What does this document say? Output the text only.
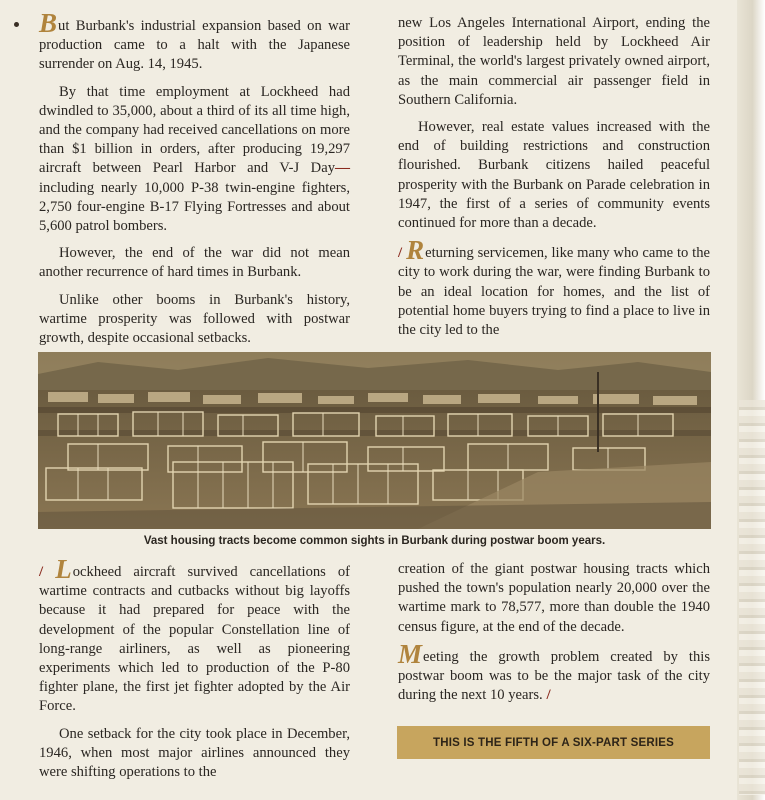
But Burbank's industrial expansion based on war production came to a halt with the Japanese surrender on Aug. 14, 1945.

By that time employment at Lockheed had dwindled to 35,000, about a third of its all time high, and the company had received cancellations on more than $1 billion in orders, after producing 19,297 aircraft between Pearl Harbor and V-J Day—including nearly 10,000 P-38 twin-engine fighters, 2,750 four-engine B-17 Flying Fortresses and about 5,600 patrol bombers.

However, the end of the war did not mean another recurrence of hard times in Burbank.

Unlike other booms in Burbank's history, wartime prosperity was followed with postwar growth, despite occasional setbacks.

new Los Angeles International Airport, ending the position of leadership held by Lockheed Air Terminal, the world's largest privately owned airport, as the main commercial air passenger field in Southern California.

However, real estate values increased with the end of building restrictions and construction flourished. Burbank citizens hailed peaceful prosperity with the Burbank on Parade celebration in 1947, the first of a series of community events continued for more than a decade.

/ Returning servicemen, like many who came to the city to work during the war, were finding Burbank to be an ideal location for homes, and the list of potential home buyers trying to find a place to live in the city led to the

Vast housing tracts become common sights in Burbank during postwar boom years.

/ Lockheed aircraft survived cancellations of wartime contracts and cutbacks without big layoffs because it had prepared for peace with the development of the popular Constellation line of long-range airliners, as well as pioneering experiments which led to production of the P-80 fighter plane, the first jet fighter adopted by the Air Force.

One setback for the city took place in December, 1946, when most major airlines announced they were shifting operations to the

creation of the giant postwar housing tracts which pushed the town's population nearly 20,000 over the wartime mark to 78,577, more than double the 1940 census figure, at the end of the decade.

Meeting the growth problem created by this postwar boom was to be the major task of the city during the next 10 years. /

THIS IS THE FIFTH OF A SIX-PART SERIES
